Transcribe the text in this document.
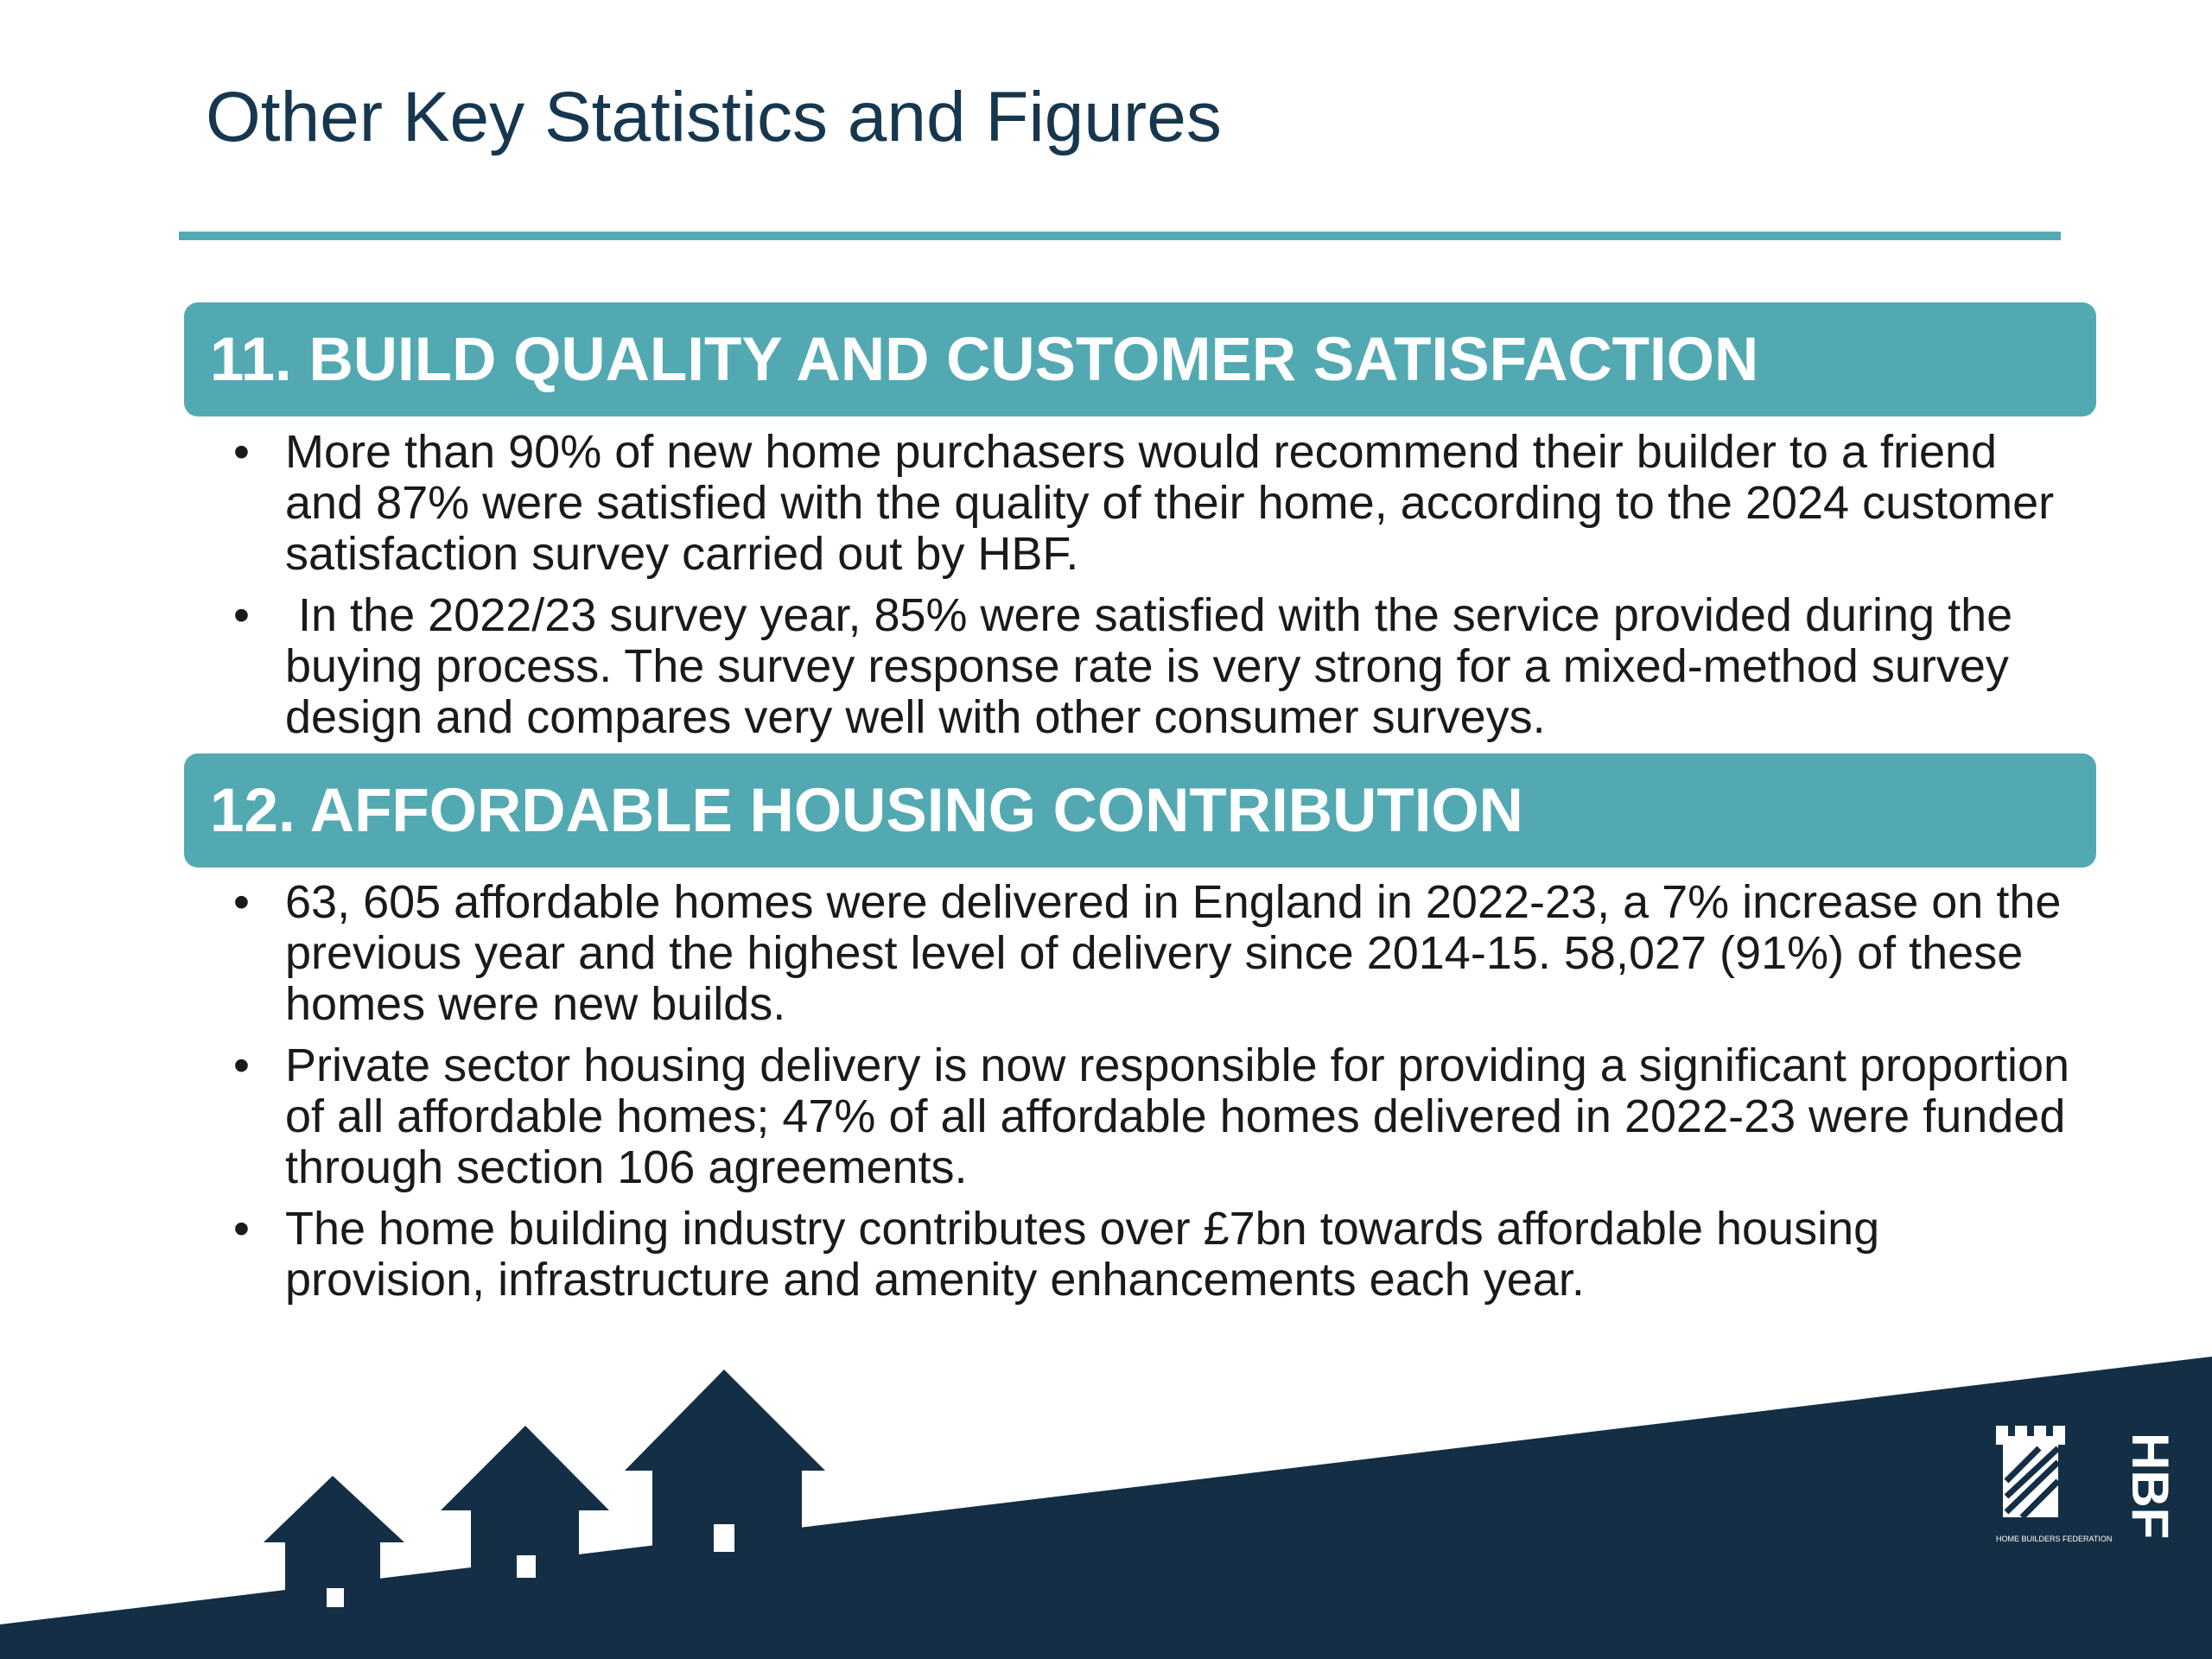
Other Key Statistics and Figures
11. BUILD QUALITY AND CUSTOMER SATISFACTION
• More than 90% of new home purchasers would recommend their builder to a friend and 87% were satisfied with the quality of their home, according to the 2024 customer satisfaction survey carried out by HBF.
• In the 2022/23 survey year, 85% were satisfied with the service provided during the buying process. The survey response rate is very strong for a mixed-method survey design and compares very well with other consumer surveys.
12. AFFORDABLE HOUSING CONTRIBUTION
• 63, 605 affordable homes were delivered in England in 2022-23, a 7% increase on the previous year and the highest level of delivery since 2014-15. 58,027 (91%) of these homes were new builds.
• Private sector housing delivery is now responsible for providing a significant proportion of all affordable homes; 47% of all affordable homes delivered in 2022-23 were funded through section 106 agreements.
• The home building industry contributes over £7bn towards affordable housing provision, infrastructure and amenity enhancements each year.
HBF
HOME BUILDERS FEDERATION
